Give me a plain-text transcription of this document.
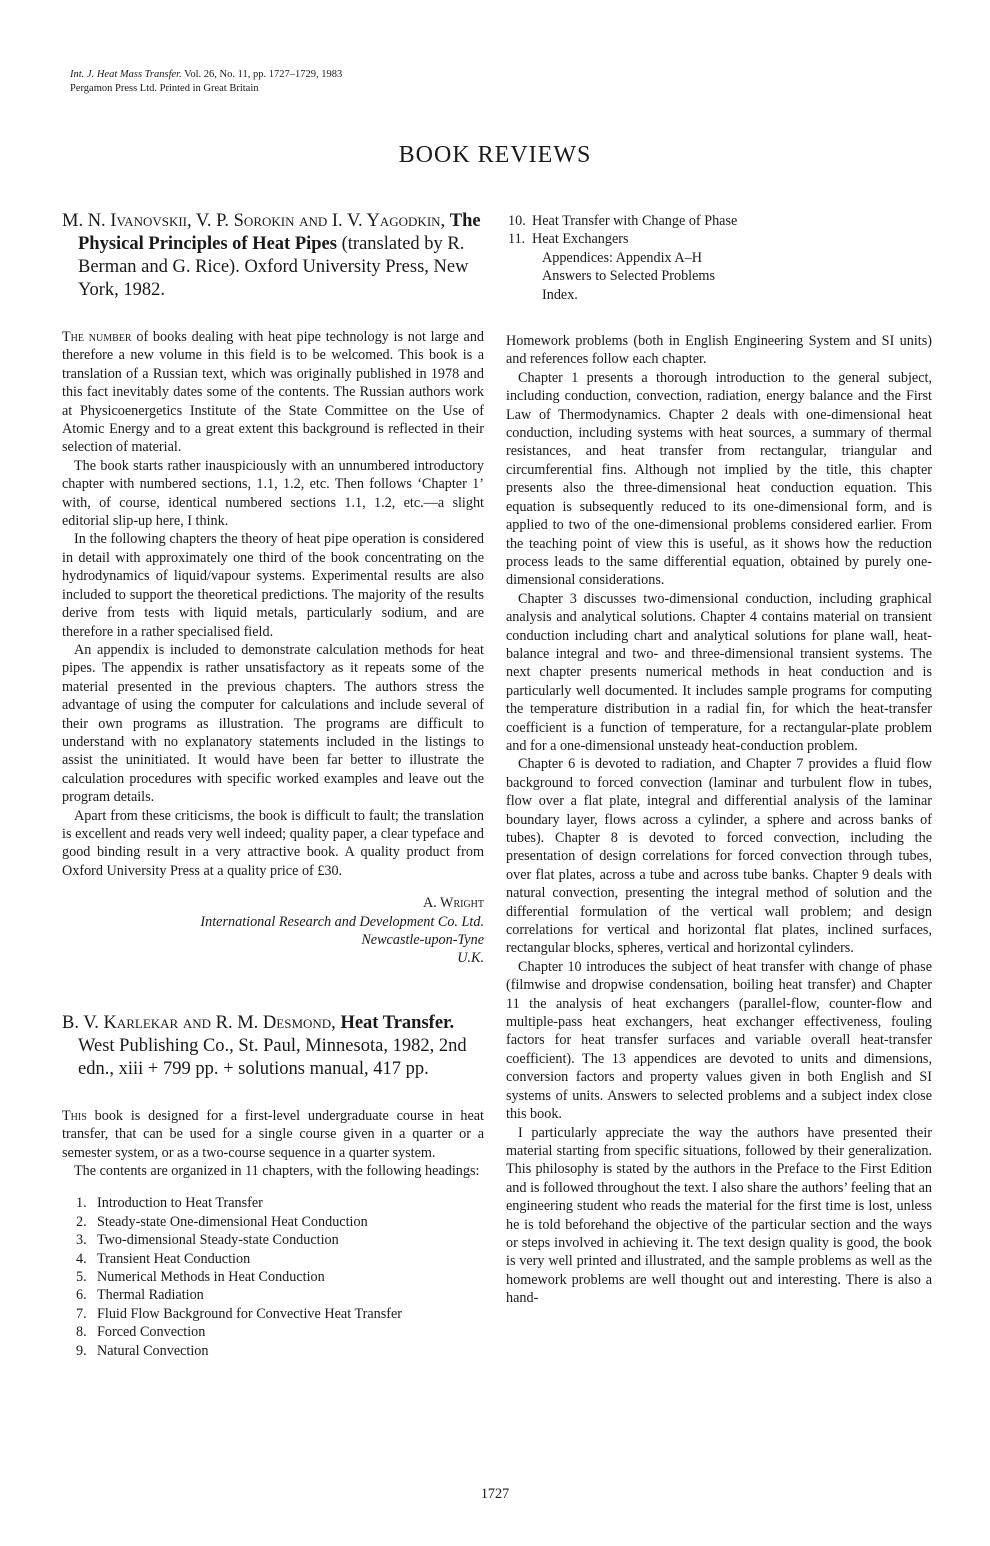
Int. J. Heat Mass Transfer. Vol. 26, No. 11, pp. 1727–1729, 1983
Pergamon Press Ltd. Printed in Great Britain
BOOK REVIEWS

M. N. Ivanovskii, V. P. Sorokin and I. V. Yagodkin, The Physical Principles of Heat Pipes (translated by R. Berman and G. Rice). Oxford University Press, New York, 1982.

The number of books dealing with heat pipe technology is not large and therefore a new volume in this field is to be welcomed. This book is a translation of a Russian text, which was originally published in 1978 and this fact inevitably dates some of the contents. The Russian authors work at Physicoenergetics Institute of the State Committee on the Use of Atomic Energy and to a great extent this background is reflected in their selection of material.

The book starts rather inauspiciously with an unnumbered introductory chapter with numbered sections, 1.1, 1.2, etc. Then follows ‘Chapter 1’ with, of course, identical numbered sections 1.1, 1.2, etc.—a slight editorial slip-up here, I think.

In the following chapters the theory of heat pipe operation is considered in detail with approximately one third of the book concentrating on the hydrodynamics of liquid/vapour systems. Experimental results are also included to support the theoretical predictions. The majority of the results derive from tests with liquid metals, particularly sodium, and are therefore in a rather specialised field.

An appendix is included to demonstrate calculation methods for heat pipes. The appendix is rather unsatisfactory as it repeats some of the material presented in the previous chapters. The authors stress the advantage of using the computer for calculations and include several of their own programs as illustration. The programs are difficult to understand with no explanatory statements included in the listings to assist the uninitiated. It would have been far better to illustrate the calculation procedures with specific worked examples and leave out the program details.

Apart from these criticisms, the book is difficult to fault; the translation is excellent and reads very well indeed; quality paper, a clear typeface and good binding result in a very attractive book. A quality product from Oxford University Press at a quality price of £30.

A. Wright
International Research and Development Co. Ltd.
Newcastle-upon-Tyne
U.K.

B. V. Karlekar and R. M. Desmond, Heat Transfer. West Publishing Co., St. Paul, Minnesota, 1982, 2nd edn., xiii + 799 pp. + solutions manual, 417 pp.

This book is designed for a first-level undergraduate course in heat transfer, that can be used for a single course given in a quarter or a semester system, or as a two-course sequence in a quarter system.

The contents are organized in 11 chapters, with the following headings:

1. Introduction to Heat Transfer
2. Steady-state One-dimensional Heat Conduction
3. Two-dimensional Steady-state Conduction
4. Transient Heat Conduction
5. Numerical Methods in Heat Conduction
6. Thermal Radiation
7. Fluid Flow Background for Convective Heat Transfer
8. Forced Convection
9. Natural Convection
10. Heat Transfer with Change of Phase
11. Heat Exchangers
Appendices: Appendix A–H
Answers to Selected Problems
Index.

Homework problems (both in English Engineering System and SI units) and references follow each chapter.

Chapter 1 presents a thorough introduction to the general subject, including conduction, convection, radiation, energy balance and the First Law of Thermodynamics. Chapter 2 deals with one-dimensional heat conduction, including systems with heat sources, a summary of thermal resistances, and heat transfer from rectangular, triangular and circumferential fins. Although not implied by the title, this chapter presents also the three-dimensional heat conduction equation. This equation is subsequently reduced to its one-dimensional form, and is applied to two of the one-dimensional problems considered earlier. From the teaching point of view this is useful, as it shows how the reduction process leads to the same differential equation, obtained by purely one-dimensional considerations.

Chapter 3 discusses two-dimensional conduction, including graphical analysis and analytical solutions. Chapter 4 contains material on transient conduction including chart and analytical solutions for plane wall, heat-balance integral and two- and three-dimensional transient systems. The next chapter presents numerical methods in heat conduction and is particularly well documented. It includes sample programs for computing the temperature distribution in a radial fin, for which the heat-transfer coefficient is a function of temperature, for a rectangular-plate problem and for a one-dimensional unsteady heat-conduction problem.

Chapter 6 is devoted to radiation, and Chapter 7 provides a fluid flow background to forced convection (laminar and turbulent flow in tubes, flow over a flat plate, integral and differential analysis of the laminar boundary layer, flows across a cylinder, a sphere and across banks of tubes). Chapter 8 is devoted to forced convection, including the presentation of design correlations for forced convection through tubes, over flat plates, across a tube and across tube banks. Chapter 9 deals with natural convection, presenting the integral method of solution and the differential formulation of the vertical wall problem; and design correlations for vertical and horizontal flat plates, inclined surfaces, rectangular blocks, spheres, vertical and horizontal cylinders.

Chapter 10 introduces the subject of heat transfer with change of phase (filmwise and dropwise condensation, boiling heat transfer) and Chapter 11 the analysis of heat exchangers (parallel-flow, counter-flow and multiple-pass heat exchangers, heat exchanger effectiveness, fouling factors for heat transfer surfaces and variable overall heat-transfer coefficient). The 13 appendices are devoted to units and dimensions, conversion factors and property values given in both English and SI systems of units. Answers to selected problems and a subject index close this book.

I particularly appreciate the way the authors have presented their material starting from specific situations, followed by their generalization. This philosophy is stated by the authors in the Preface to the First Edition and is followed throughout the text. I also share the authors’ feeling that an engineering student who reads the material for the first time is lost, unless he is told beforehand the objective of the particular section and the ways or steps involved in achieving it. The text design quality is good, the book is very well printed and illustrated, and the sample problems as well as the homework problems are well thought out and interesting. There is also a hand-

1727
